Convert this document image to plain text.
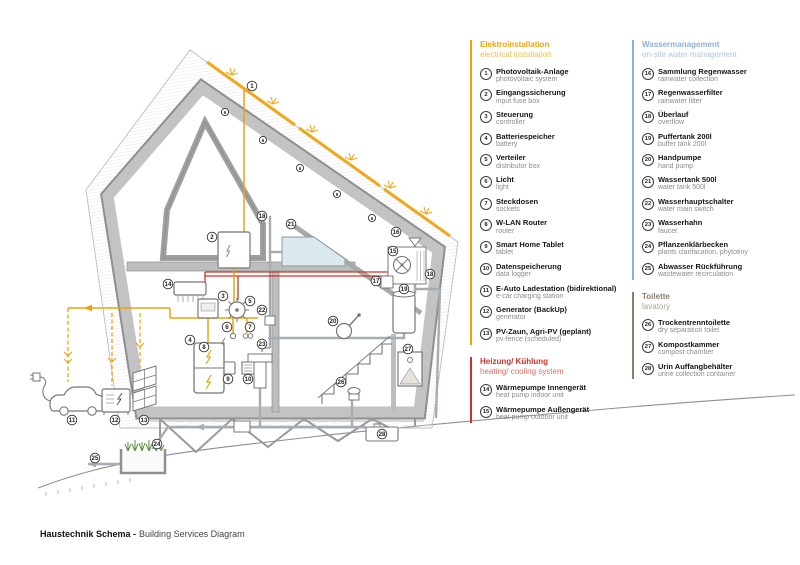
1
2
3
5
4
6	7
8
9 10
11	12	13
14
15
16
17
18
18
19
20
21
22
23
24
25
26
27
28
6
6
6
6
6
Elektroinstallation
electrical installation
1	Photovoltaik-Anlage
photovoltaic system
2	Eingangssicherung
input fuse box
3	Steuerung
controller
4	Batteriespeicher
battery
5	Verteiler
distributor box
6	Licht
light
7	Steckdosen
sockets
8	W-LAN Router
router
9	Smart Home Tablet
tablet
10 Datenspeicherung
data logger
11 E-Auto Ladestation (bidirektional)
e-car charging station
12 Generator (BackUp)
generator
13 PV-Zaun, Agri-PV (geplant)
pv-fence (scheduled)
Heizung/ Kühlung
heating/ cooling system
14 Wärmepumpe Innengerät
heat pump indoor unit
15 Wärmepumpe Außengerät
heat pump outdoor unit
Wassermanagement
on-site water management
16 Sammlung Regenwasser
rainwater collection
17 Regenwasserfilter
rainwater filter
18 Überlauf
overflow
19 Puffertank 200l
buffer tank 200l
20 Handpumpe
hand pump
21 Wassertank 500l
water tank 500l
22 Wasserhauptschalter
water main switch
23 Wasserhahn
faucet
24 Pflanzenklärbecken
plants clarifacation, phytotiny
25 Abwasser Rückführung
wastewater recirculation
Toilette
lavatory
26 Trockentrenntoilette
dry separation toilet
27 Kompostkammer
compost chamber
28 Urin Auffangbehälter
urine collection container
Haustechnik Schema - Building Services Diagram
